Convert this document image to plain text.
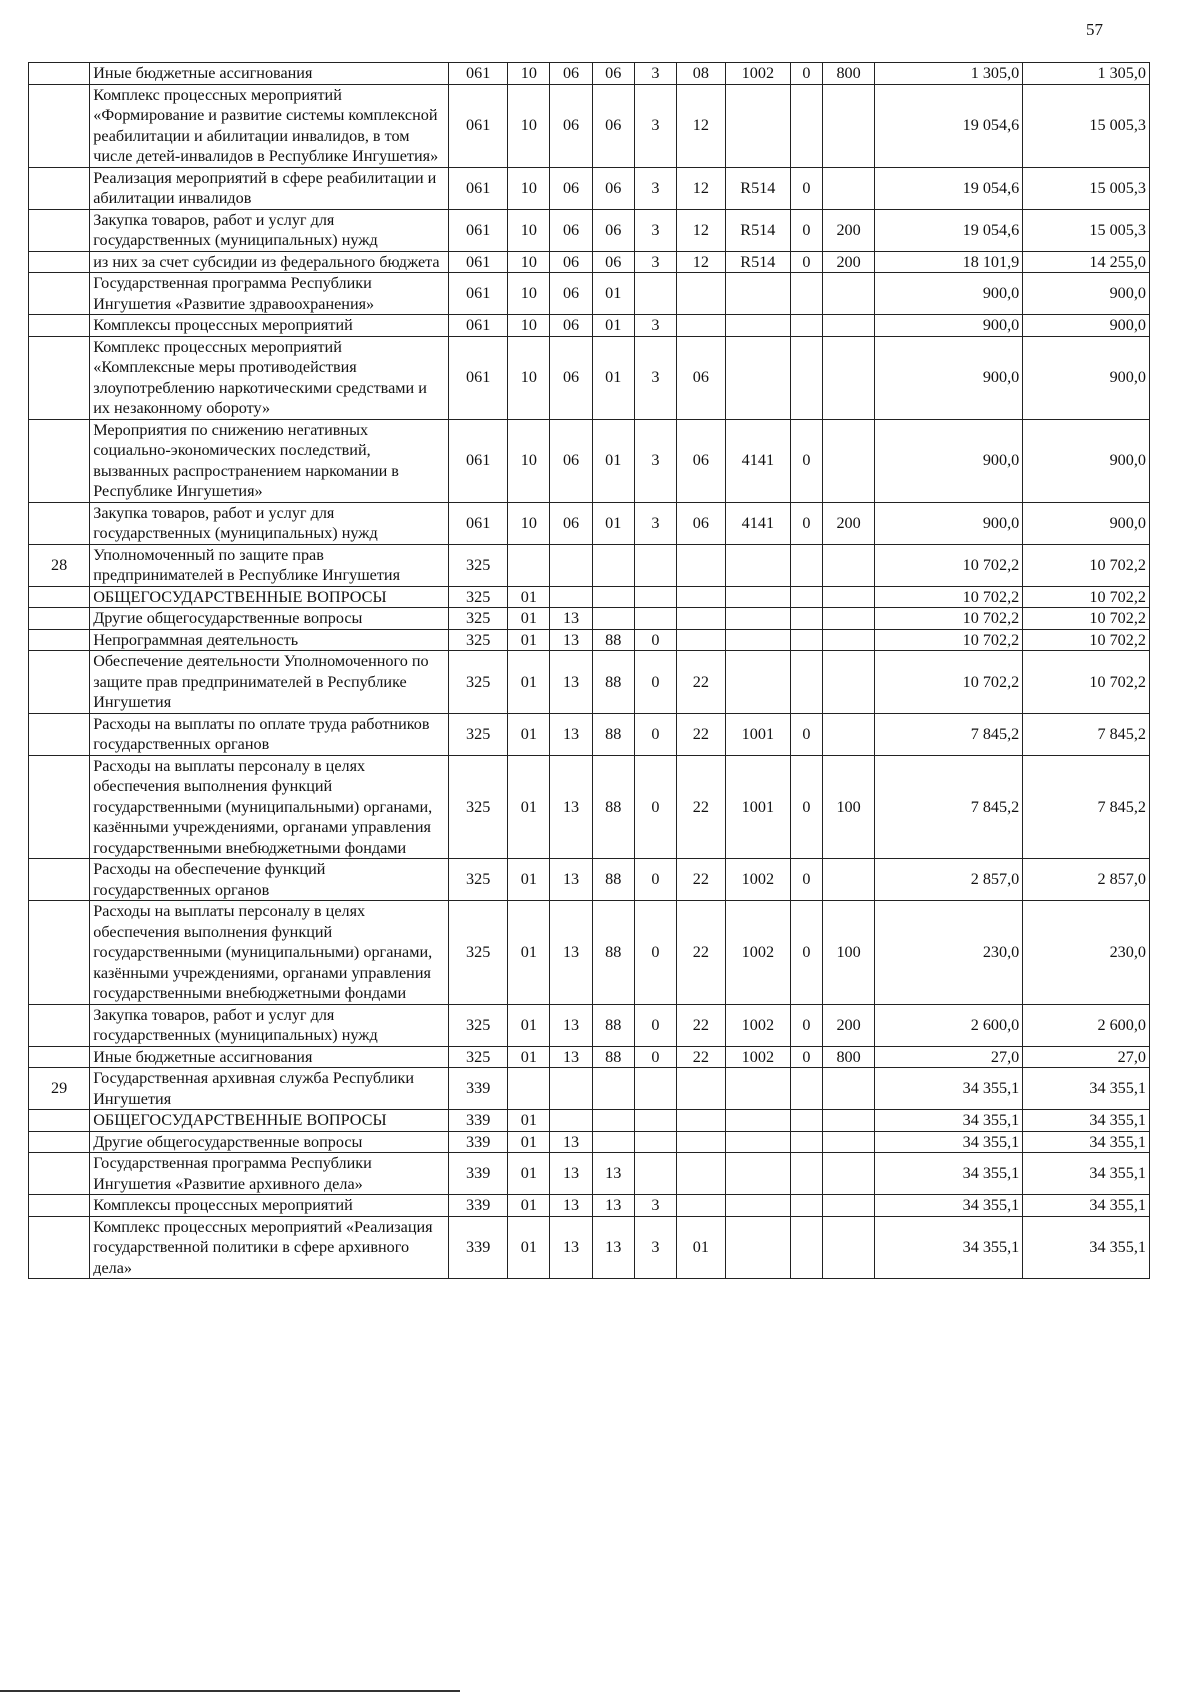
57
	Иные бюджетные ассигнования	061	10	06	06	3	08	1002	0	800	1 305,0	1 305,0
	Комплекс процессных мероприятий «Формирование и развитие системы комплексной реабилитации и абилитации инвалидов, в том числе детей-инвалидов в Республике Ингушетия»	061	10	06	06	3	12				19 054,6	15 005,3
	Реализация мероприятий в сфере реабилитации и абилитации инвалидов	061	10	06	06	3	12	R514	0		19 054,6	15 005,3
	Закупка товаров, работ и услуг для государственных (муниципальных) нужд	061	10	06	06	3	12	R514	0	200	19 054,6	15 005,3
	из них за счет субсидии из федерального бюджета	061	10	06	06	3	12	R514	0	200	18 101,9	14 255,0
	Государственная программа Республики Ингушетия «Развитие здравоохранения»	061	10	06	01						900,0	900,0
	Комплексы процессных мероприятий	061	10	06	01	3					900,0	900,0
	Комплекс процессных мероприятий «Комплексные меры противодействия злоупотреблению наркотическими средствами и их незаконному обороту»	061	10	06	01	3	06				900,0	900,0
	Мероприятия по снижению негативных социально-экономических последствий, вызванных распространением наркомании в Республике Ингушетия»	061	10	06	01	3	06	4141	0		900,0	900,0
	Закупка товаров, работ и услуг для государственных (муниципальных) нужд	061	10	06	01	3	06	4141	0	200	900,0	900,0
28	Уполномоченный по защите прав предпринимателей в Республике Ингушетия	325									10 702,2	10 702,2
	ОБЩЕГОСУДАРСТВЕННЫЕ ВОПРОСЫ	325	01								10 702,2	10 702,2
	Другие общегосударственные вопросы	325	01	13							10 702,2	10 702,2
	Непрограммная деятельность	325	01	13	88	0					10 702,2	10 702,2
	Обеспечение деятельности Уполномоченного по защите прав предпринимателей в Республике Ингушетия	325	01	13	88	0	22				10 702,2	10 702,2
	Расходы на выплаты по оплате труда работников государственных органов	325	01	13	88	0	22	1001	0		7 845,2	7 845,2
	Расходы на выплаты персоналу в целях обеспечения выполнения функций государственными (муниципальными) органами, казёнными учреждениями, органами управления государственными внебюджетными фондами	325	01	13	88	0	22	1001	0	100	7 845,2	7 845,2
	Расходы на обеспечение функций государственных органов	325	01	13	88	0	22	1002	0		2 857,0	2 857,0
	Расходы на выплаты персоналу в целях обеспечения выполнения функций государственными (муниципальными) органами, казёнными учреждениями, органами управления государственными внебюджетными фондами	325	01	13	88	0	22	1002	0	100	230,0	230,0
	Закупка товаров, работ и услуг для государственных (муниципальных) нужд	325	01	13	88	0	22	1002	0	200	2 600,0	2 600,0
	Иные бюджетные ассигнования	325	01	13	88	0	22	1002	0	800	27,0	27,0
29	Государственная архивная служба Республики Ингушетия	339									34 355,1	34 355,1
	ОБЩЕГОСУДАРСТВЕННЫЕ ВОПРОСЫ	339	01								34 355,1	34 355,1
	Другие общегосударственные вопросы	339	01	13							34 355,1	34 355,1
	Государственная программа Республики Ингушетия «Развитие архивного дела»	339	01	13	13						34 355,1	34 355,1
	Комплексы процессных мероприятий	339	01	13	13	3					34 355,1	34 355,1
	Комплекс процессных мероприятий «Реализация государственной политики в сфере архивного дела»	339	01	13	13	3	01				34 355,1	34 355,1
